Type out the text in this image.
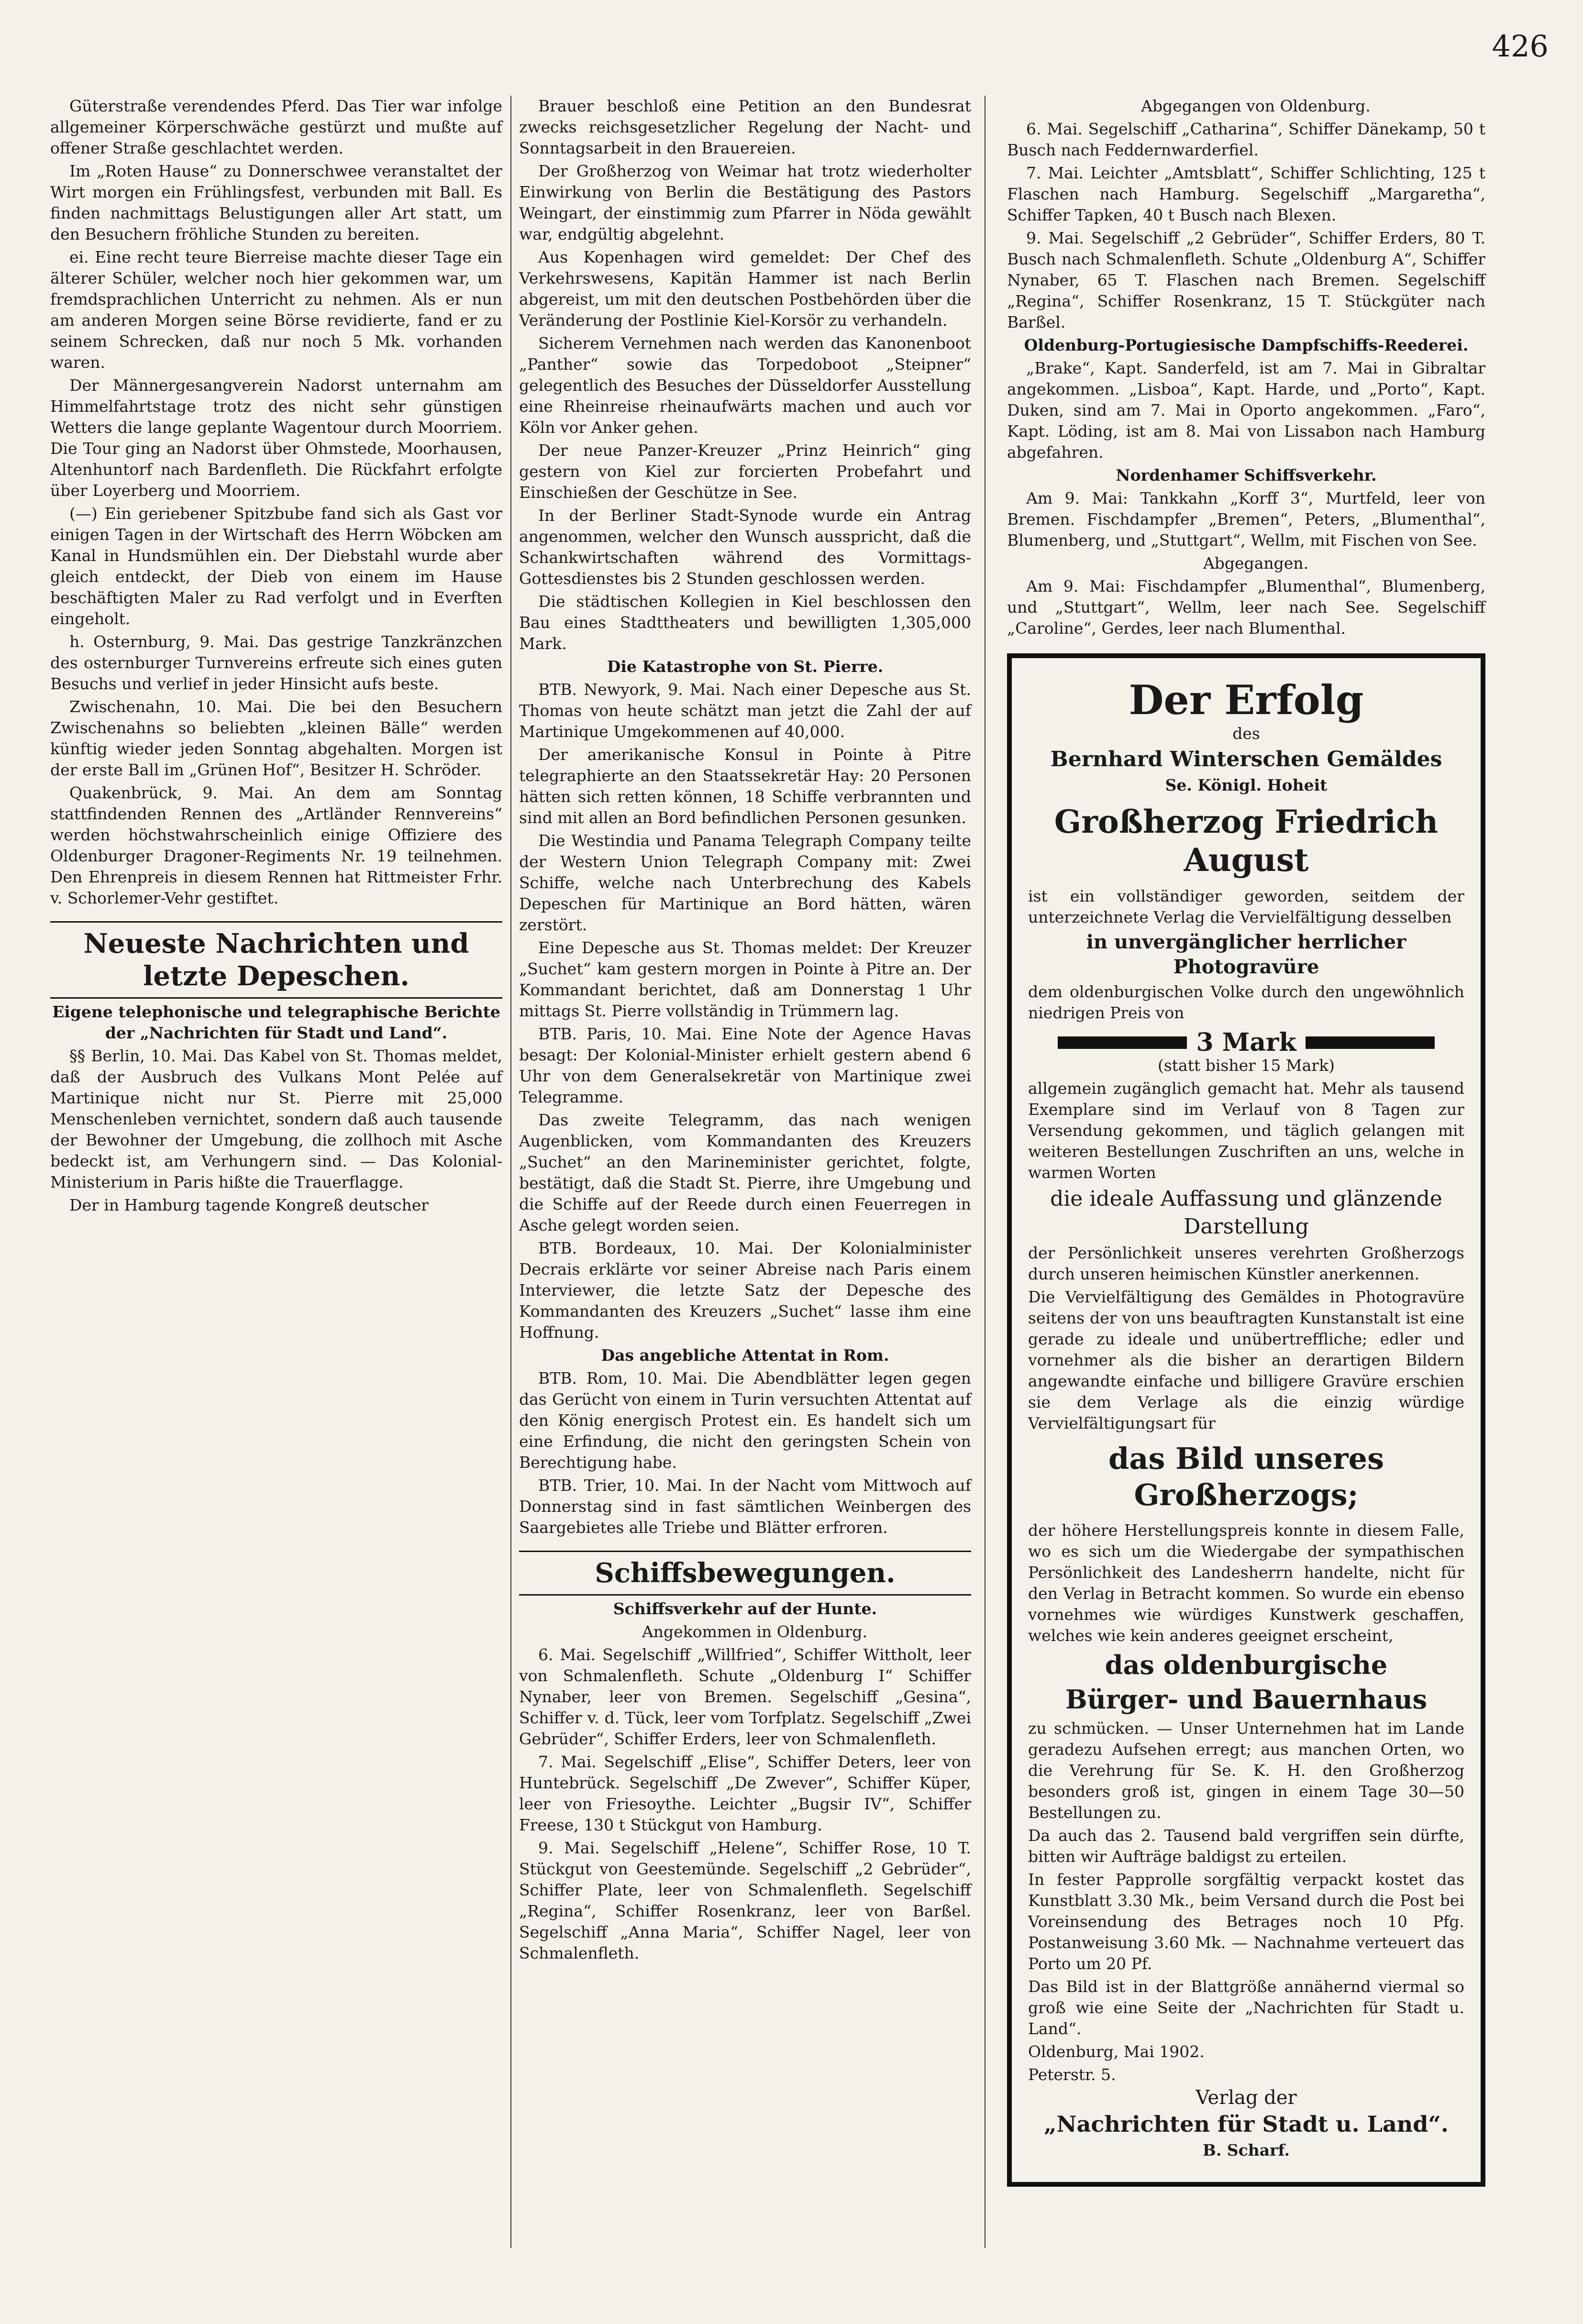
426

Güterstraße verendendes Pferd. Das Tier war infolge allgemeiner Körperschwäche gestürzt und mußte auf offener Straße geschlachtet werden.

Im „Roten Hause“ zu Donnerschwee veranstaltet der Wirt morgen ein Frühlingsfest, verbunden mit Ball. Es finden nachmittags Belustigungen aller Art statt, um den Besuchern fröhliche Stunden zu bereiten.

ei. Eine recht teure Bierreise machte dieser Tage ein älterer Schüler, welcher noch hier gekommen war, um fremdsprachlichen Unterricht zu nehmen. Als er nun am anderen Morgen seine Börse revidierte, fand er zu seinem Schrecken, daß nur noch 5 Mk. vorhanden waren.

Der Männergesangverein Nadorst unternahm am Himmelfahrtstage trotz des nicht sehr günstigen Wetters die lange geplante Wagentour durch Moorriem. Die Tour ging an Nadorst über Ohmstede, Moorhausen, Altenhuntorf nach Bardenfleth. Die Rückfahrt erfolgte über Loyerberg und Moorriem.

(—) Ein geriebener Spitzbube fand sich als Gast vor einigen Tagen in der Wirtschaft des Herrn Wöbcken am Kanal in Hundsmühlen ein. Der Diebstahl wurde aber gleich entdeckt, der Dieb von einem im Hause beschäftigten Maler zu Rad verfolgt und in Everften eingeholt.

h. Osternburg, 9. Mai. Das gestrige Tanzkränzchen des osternburger Turnvereins erfreute sich eines guten Besuchs und verlief in jeder Hinsicht aufs beste.

Zwischenahn, 10. Mai. Die bei den Besuchern Zwischenahns so beliebten „kleinen Bälle“ werden künftig wieder jeden Sonntag abgehalten. Morgen ist der erste Ball im „Grünen Hof“, Besitzer H. Schröder.

Quakenbrück, 9. Mai. An dem am Sonntag stattfindenden Rennen des „Artländer Rennvereins“ werden höchstwahrscheinlich einige Offiziere des Oldenburger Dragoner-Regiments Nr. 19 teilnehmen. Den Ehrenpreis in diesem Rennen hat Rittmeister Frhr. v. Schorlemer-Vehr gestiftet.

Neueste Nachrichten und letzte Depeschen.

Eigene telephonische und telegraphische Berichte der „Nachrichten für Stadt und Land“.

§§ Berlin, 10. Mai. Das Kabel von St. Thomas meldet, daß der Ausbruch des Vulkans Mont Pelée auf Martinique nicht nur St. Pierre mit 25,000 Menschenleben vernichtet, sondern daß auch tausende der Bewohner der Umgebung, die zollhoch mit Asche bedeckt ist, am Verhungern sind. — Das Kolonial-Ministerium in Paris hißte die Trauerflagge.

Der in Hamburg tagende Kongreß deutscher

Brauer beschloß eine Petition an den Bundesrat zwecks reichsgesetzlicher Regelung der Nacht- und Sonntagsarbeit in den Brauereien.

Der Großherzog von Weimar hat trotz wiederholter Einwirkung von Berlin die Bestätigung des Pastors Weingart, der einstimmig zum Pfarrer in Nöda gewählt war, endgültig abgelehnt.

Aus Kopenhagen wird gemeldet: Der Chef des Verkehrswesens, Kapitän Hammer ist nach Berlin abgereist, um mit den deutschen Postbehörden über die Veränderung der Postlinie Kiel-Korsör zu verhandeln.

Sicherem Vernehmen nach werden das Kanonenboot „Panther“ sowie das Torpedoboot „Steipner“ gelegentlich des Besuches der Düsseldorfer Ausstellung eine Rheinreise rheinaufwärts machen und auch vor Köln vor Anker gehen.

Der neue Panzer-Kreuzer „Prinz Heinrich“ ging gestern von Kiel zur forcierten Probefahrt und Einschießen der Geschütze in See.

In der Berliner Stadt-Synode wurde ein Antrag angenommen, welcher den Wunsch ausspricht, daß die Schankwirtschaften während des Vormittags-Gottesdienstes bis 2 Stunden geschlossen werden.

Die städtischen Kollegien in Kiel beschlossen den Bau eines Stadttheaters und bewilligten 1,305,000 Mark.

Die Katastrophe von St. Pierre.

BTB. Newyork, 9. Mai. Nach einer Depesche aus St. Thomas von heute schätzt man jetzt die Zahl der auf Martinique Umgekommenen auf 40,000.

Der amerikanische Konsul in Pointe à Pitre telegraphierte an den Staatssekretär Hay: 20 Personen hätten sich retten können, 18 Schiffe verbrannten und sind mit allen an Bord befindlichen Personen gesunken.

Die Westindia und Panama Telegraph Company teilte der Western Union Telegraph Company mit: Zwei Schiffe, welche nach Unterbrechung des Kabels Depeschen für Martinique an Bord hätten, wären zerstört.

Eine Depesche aus St. Thomas meldet: Der Kreuzer „Suchet“ kam gestern morgen in Pointe à Pitre an. Der Kommandant berichtet, daß am Donnerstag 1 Uhr mittags St. Pierre vollständig in Trümmern lag.

BTB. Paris, 10. Mai. Eine Note der Agence Havas besagt: Der Kolonial-Minister erhielt gestern abend 6 Uhr von dem Generalsekretär von Martinique zwei Telegramme.

Das zweite Telegramm, das nach wenigen Augenblicken, vom Kommandanten des Kreuzers „Suchet“ an den Marineminister gerichtet, folgte, bestätigt, daß die Stadt St. Pierre, ihre Umgebung und die Schiffe auf der Reede durch einen Feuerregen in Asche gelegt worden seien.

BTB. Bordeaux, 10. Mai. Der Kolonialminister Decrais erklärte vor seiner Abreise nach Paris einem Interviewer, die letzte Satz der Depesche des Kommandanten des Kreuzers „Suchet“ lasse ihm eine Hoffnung.

Das angebliche Attentat in Rom.

BTB. Rom, 10. Mai. Die Abendblätter legen gegen das Gerücht von einem in Turin versuchten Attentat auf den König energisch Protest ein. Es handelt sich um eine Erfindung, die nicht den geringsten Schein von Berechtigung habe.

BTB. Trier, 10. Mai. In der Nacht vom Mittwoch auf Donnerstag sind in fast sämtlichen Weinbergen des Saargebietes alle Triebe und Blätter erfroren.

Schiffsbewegungen.

Schiffsverkehr auf der Hunte.

Angekommen in Oldenburg.

6. Mai. Segelschiff „Willfried“, Schiffer Wittholt, leer von Schmalenfleth. Schute „Oldenburg I“ Schiffer Nynaber, leer von Bremen. Segelschiff „Gesina“, Schiffer v. d. Tück, leer vom Torfplatz. Segelschiff „Zwei Gebrüder“, Schiffer Erders, leer von Schmalenfleth.

7. Mai. Segelschiff „Elise“, Schiffer Deters, leer von Huntebrück. Segelschiff „De Zwever“, Schiffer Küper, leer von Friesoythe. Leichter „Bugsir IV“, Schiffer Freese, 130 t Stückgut von Hamburg.

9. Mai. Segelschiff „Helene“, Schiffer Rose, 10 T. Stückgut von Geestemünde. Segelschiff „2 Gebrüder“, Schiffer Plate, leer von Schmalenfleth. Segelschiff „Regina“, Schiffer Rosenkranz, leer von Barßel. Segelschiff „Anna Maria“, Schiffer Nagel, leer von Schmalenfleth.

Abgegangen von Oldenburg.

6. Mai. Segelschiff „Catharina“, Schiffer Dänekamp, 50 t Busch nach Feddernwarderfiel.

7. Mai. Leichter „Amtsblatt“, Schiffer Schlichting, 125 t Flaschen nach Hamburg. Segelschiff „Margaretha“, Schiffer Tapken, 40 t Busch nach Blexen.

9. Mai. Segelschiff „2 Gebrüder“, Schiffer Erders, 80 T. Busch nach Schmalenfleth. Schute „Oldenburg A“, Schiffer Nynaber, 65 T. Flaschen nach Bremen. Segelschiff „Regina“, Schiffer Rosenkranz, 15 T. Stückgüter nach Barßel.

Oldenburg-Portugiesische Dampfschiffs-Reederei.

„Brake“, Kapt. Sanderfeld, ist am 7. Mai in Gibraltar angekommen. „Lisboa“, Kapt. Harde, und „Porto“, Kapt. Duken, sind am 7. Mai in Oporto angekommen. „Faro“, Kapt. Löding, ist am 8. Mai von Lissabon nach Hamburg abgefahren.

Nordenhamer Schiffsverkehr.

Am 9. Mai: Tankkahn „Korff 3“, Murtfeld, leer von Bremen. Fischdampfer „Bremen“, Peters, „Blumenthal“, Blumenberg, und „Stuttgart“, Wellm, mit Fischen von See.

Abgegangen.

Am 9. Mai: Fischdampfer „Blumenthal“, Blumenberg, und „Stuttgart“, Wellm, leer nach See. Segelschiff „Caroline“, Gerdes, leer nach Blumenthal.

Der Erfolg

des

Bernhard Winterschen Gemäldes

Se. Königl. Hoheit

Großherzog Friedrich August

ist ein vollständiger geworden, seitdem der unterzeichnete Verlag die Vervielfältigung desselben

in unvergänglicher herrlicher Photogravüre

dem oldenburgischen Volke durch den ungewöhnlich niedrigen Preis von

3 Mark

(statt bisher 15 Mark)

allgemein zugänglich gemacht hat. Mehr als tausend Exemplare sind im Verlauf von 8 Tagen zur Versendung gekommen, und täglich gelangen mit weiteren Bestellungen Zuschriften an uns, welche in warmen Worten

die ideale Auffassung und glänzende Darstellung

der Persönlichkeit unseres verehrten Großherzogs durch unseren heimischen Künstler anerkennen.

Die Vervielfältigung des Gemäldes in Photogravüre seitens der von uns beauftragten Kunstanstalt ist eine gerade zu ideale und unübertreffliche; edler und vornehmer als die bisher an derartigen Bildern angewandte einfache und billigere Gravüre erschien sie dem Verlage als die einzig würdige Vervielfältigungsart für

das Bild unseres Großherzogs;

der höhere Herstellungspreis konnte in diesem Falle, wo es sich um die Wiedergabe der sympathischen Persönlichkeit des Landesherrn handelte, nicht für den Verlag in Betracht kommen. So wurde ein ebenso vornehmes wie würdiges Kunstwerk geschaffen, welches wie kein anderes geeignet erscheint,

das oldenburgische

Bürger- und Bauernhaus

zu schmücken. — Unser Unternehmen hat im Lande geradezu Aufsehen erregt; aus manchen Orten, wo die Verehrung für Se. K. H. den Großherzog besonders groß ist, gingen in einem Tage 30—50 Bestellungen zu.

Da auch das 2. Tausend bald vergriffen sein dürfte, bitten wir Aufträge baldigst zu erteilen.

In fester Papprolle sorgfältig verpackt kostet das Kunstblatt 3.30 Mk., beim Versand durch die Post bei Voreinsendung des Betrages noch 10 Pfg. Postanweisung 3.60 Mk. — Nachnahme verteuert das Porto um 20 Pf.

Das Bild ist in der Blattgröße annähernd viermal so groß wie eine Seite der „Nachrichten für Stadt u. Land“.

Oldenburg, Mai 1902.

Peterstr. 5.

Verlag der

„Nachrichten für Stadt u. Land“.

B. Scharf.
